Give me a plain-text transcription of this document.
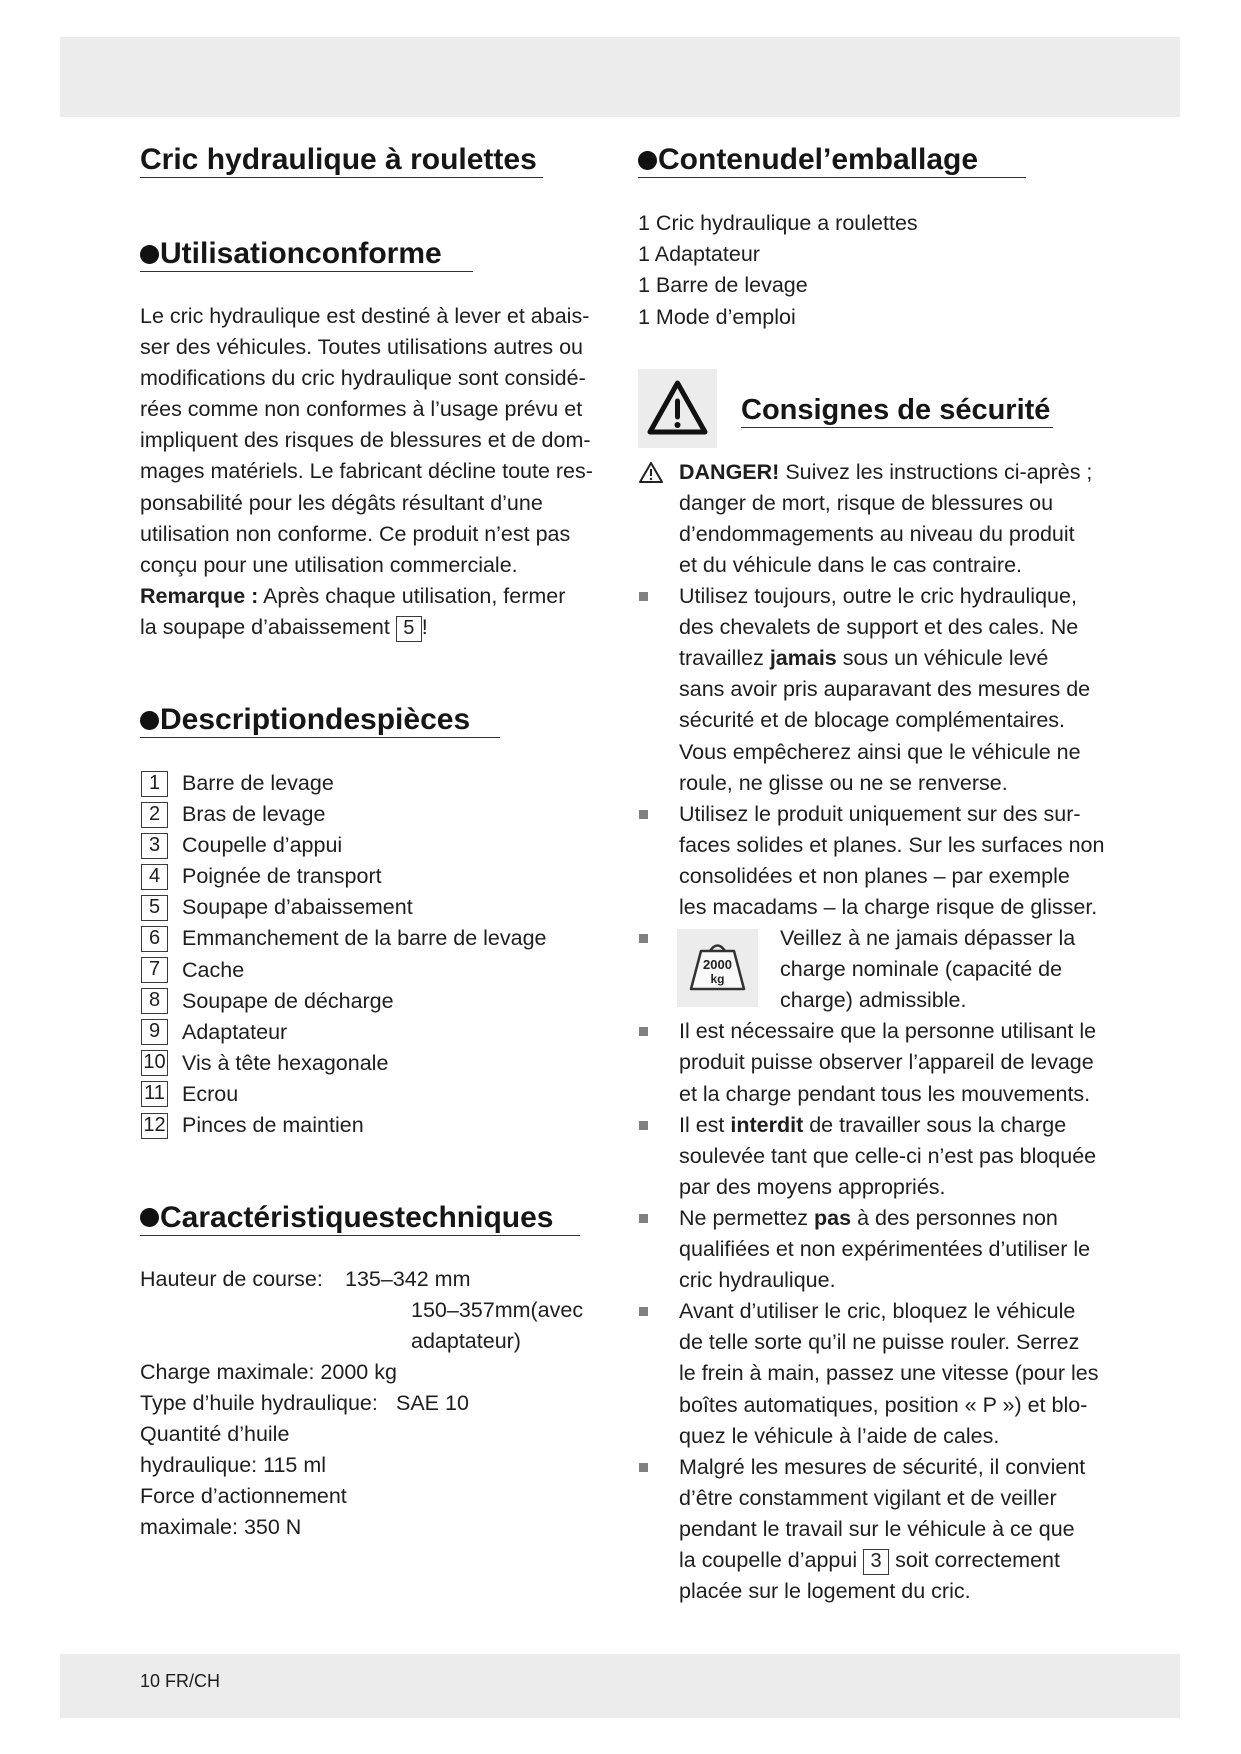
Cric hydraulique à roulettes
Utilisationconforme
Le cric hydraulique est destiné à lever et abais-
ser des véhicules. Toutes utilisations autres ou
modifications du cric hydraulique sont considé-
rées comme non conformes à l’usage prévu et
impliquent des risques de blessures et de dom-
mages matériels. Le fabricant décline toute res-
ponsabilité pour les dégâts résultant d’une
utilisation non conforme. Ce produit n’est pas
conçu pour une utilisation commerciale.
Remarque : Après chaque utilisation, fermer
la soupape d’abaissement 5 !
Descriptiondespièces
1	Barre de levage
2	Bras de levage
3	Coupelle d’appui
4	Poignée de transport
5	Soupape d’abaissement
6	Emmanchement de la barre de levage
7	Cache
8	Soupape de décharge
9	Adaptateur
10 Vis à tête hexagonale
11 Ecrou
12 Pinces de maintien
Caractéristiquestechniques
Hauteur de course: 135–342 mm
150–357mm(avec
adaptateur)
Charge maximale: 2000 kg
Type d’huile hydraulique: SAE 10
Quantité d’huile
hydraulique: 115 ml
Force d’actionnement
maximale: 350 N
Contenudel’emballage
1 Cric hydraulique a roulettes
1 Adaptateur
1 Barre de levage
1 Mode d’emploi
Consignes de sécurité
DANGER! Suivez les instructions ci-après ;
danger de mort, risque de blessures ou
d’endommagements au niveau du produit
et du véhicule dans le cas contraire.
Utilisez toujours, outre le cric hydraulique,
des chevalets de support et des cales. Ne
travaillez jamais sous un véhicule levé
sans avoir pris auparavant des mesures de
sécurité et de blocage complémentaires.
Vous empêcherez ainsi que le véhicule ne
roule, ne glisse ou ne se renverse.
Utilisez le produit uniquement sur des sur-
faces solides et planes. Sur les surfaces non
consolidées et non planes – par exemple
les macadams – la charge risque de glisser.
2000
kg
Veillez à ne jamais dépasser la
charge nominale (capacité de
charge) admissible.
Il est nécessaire que la personne utilisant le
produit puisse observer l’appareil de levage
et la charge pendant tous les mouvements.
Il est interdit de travailler sous la charge
soulevée tant que celle-ci n’est pas bloquée
par des moyens appropriés.
Ne permettez pas à des personnes non
qualifiées et non expérimentées d’utiliser le
cric hydraulique.
Avant d’utiliser le cric, bloquez le véhicule
de telle sorte qu’il ne puisse rouler. Serrez
le frein à main, passez une vitesse (pour les
boîtes automatiques, position « P ») et blo-
quez le véhicule à l’aide de cales.
Malgré les mesures de sécurité, il convient
d’être constamment vigilant et de veiller
pendant le travail sur le véhicule à ce que
la coupelle d’appui 3 soit correctement
placée sur le logement du cric.
10 FR/CH
